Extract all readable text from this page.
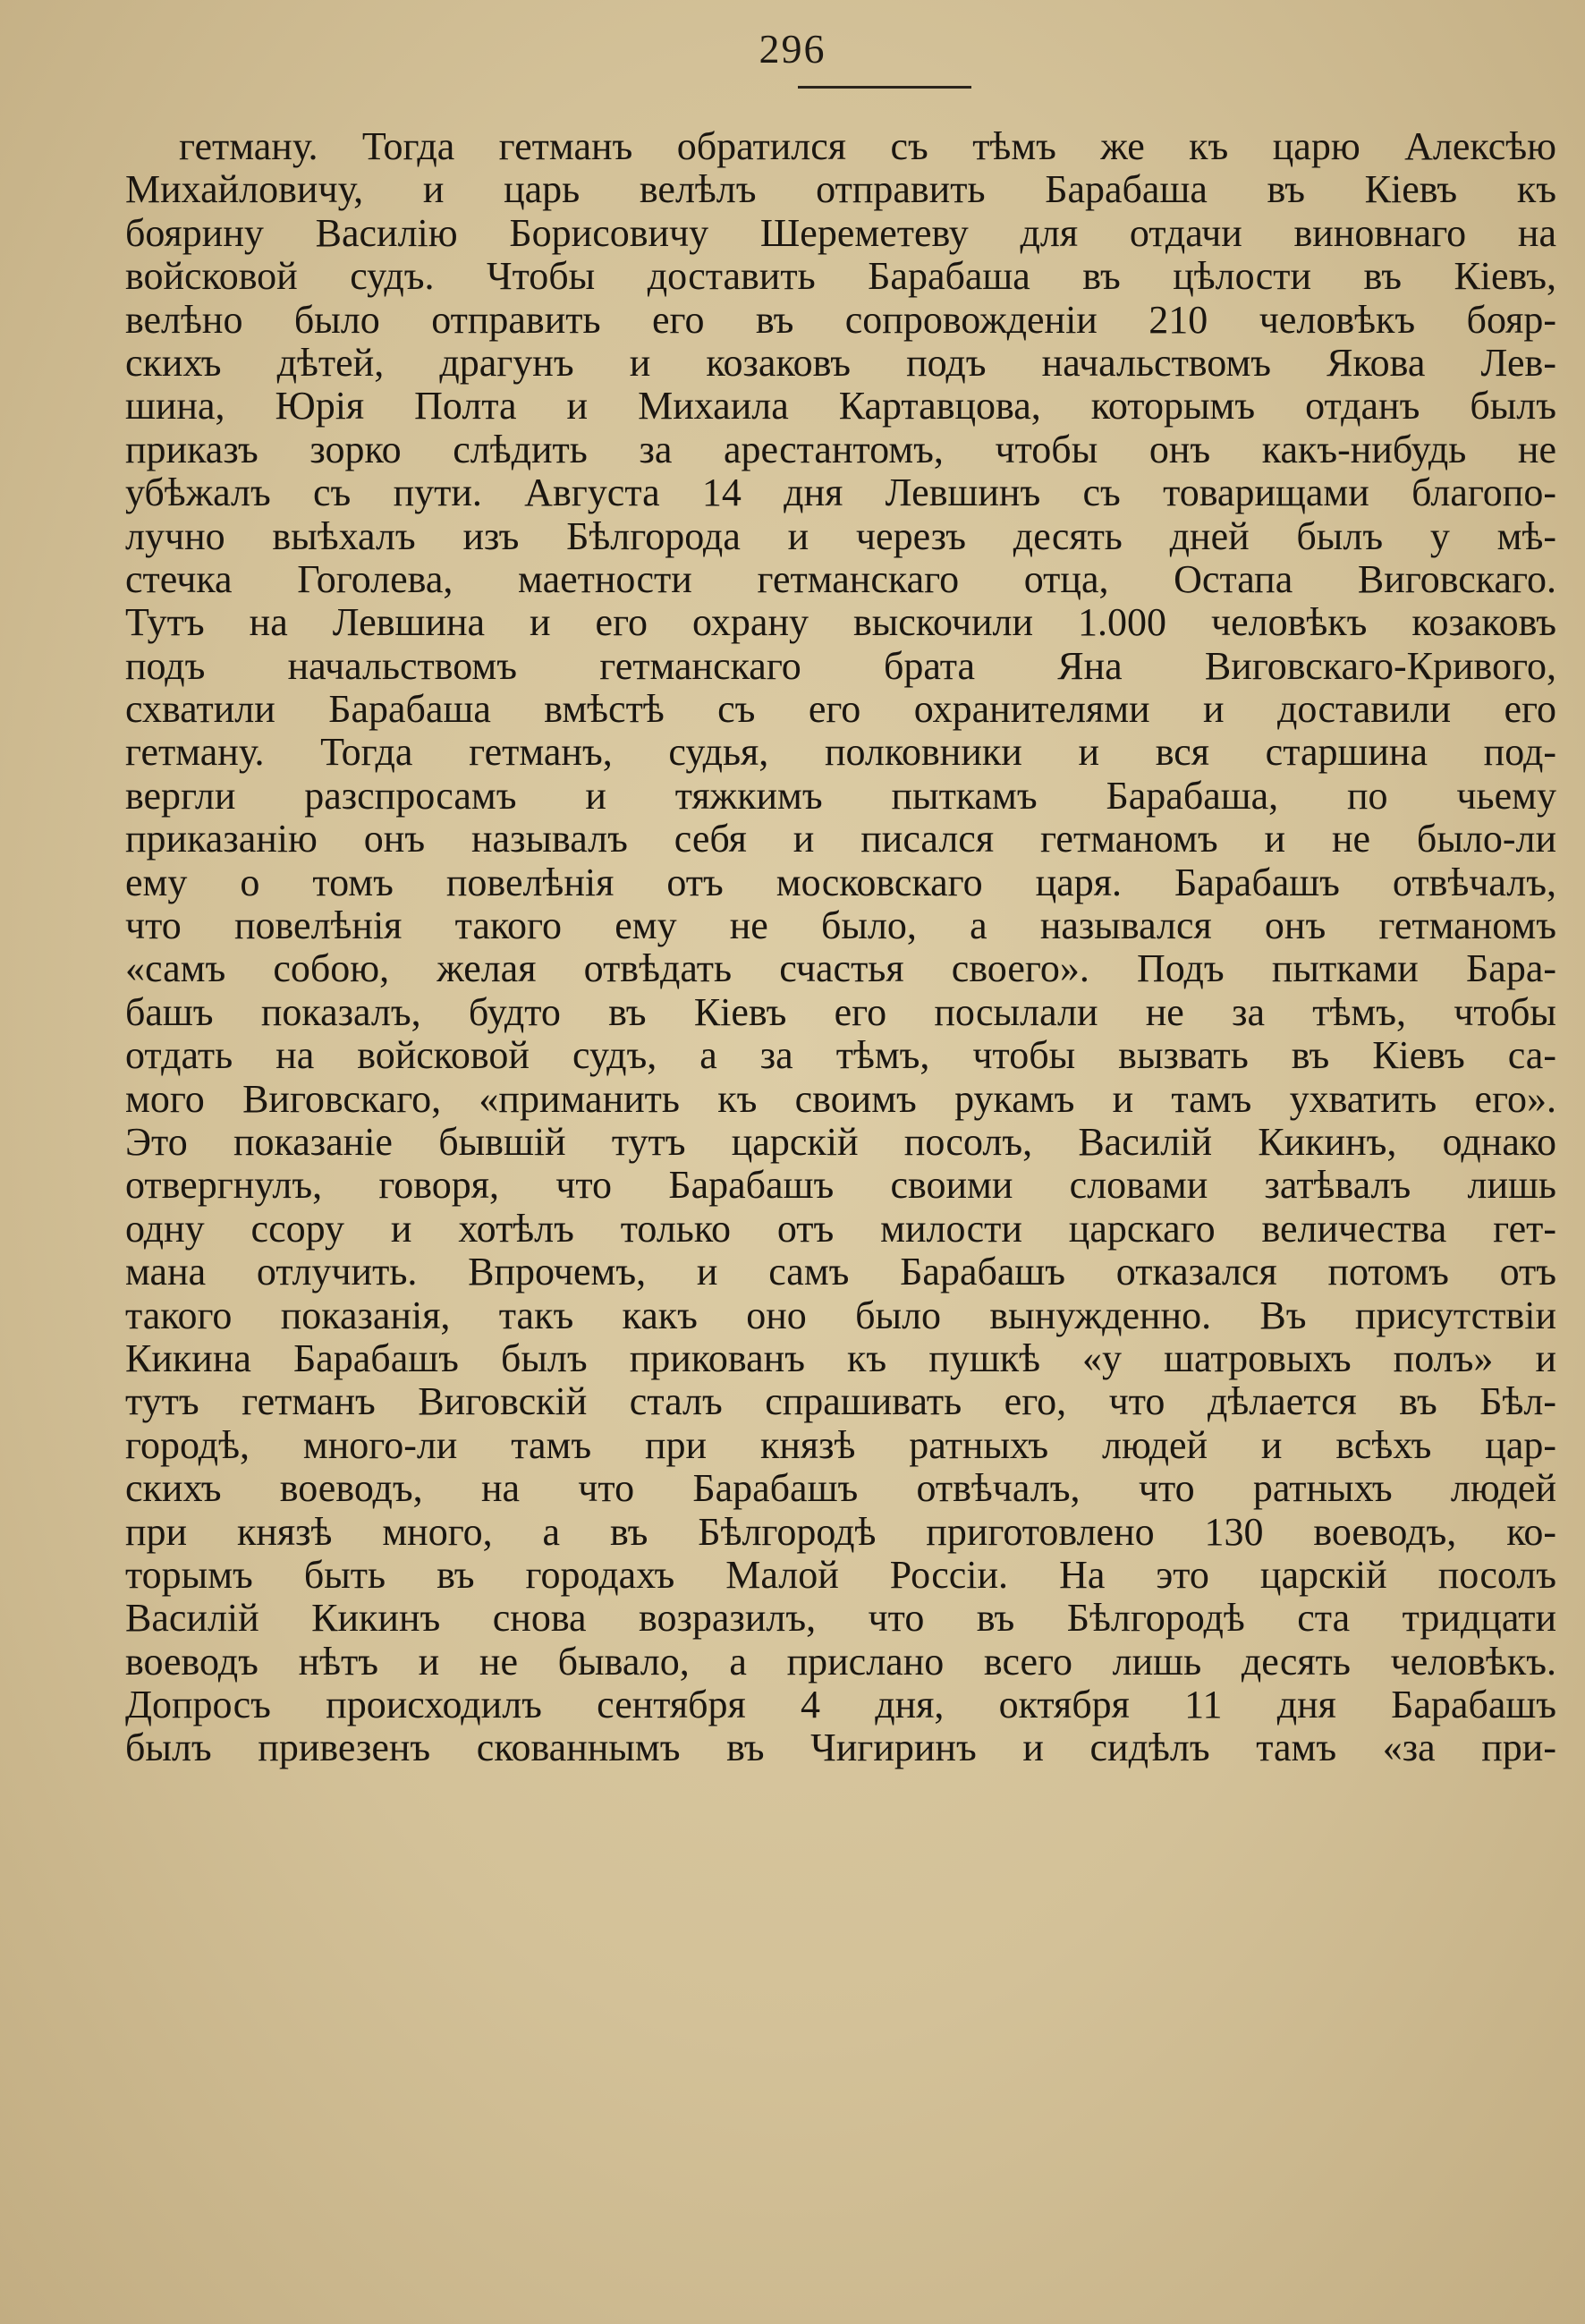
296
гетману. Тогда гетманъ обратился съ тѣмъ же къ царю Алексѣю
Михайловичу, и царь велѣлъ отправить Барабаша въ Кіевъ къ
боярину Василію Борисовичу Шереметеву для отдачи виновнаго на
войсковой судъ. Чтобы доставить Барабаша въ цѣлости въ Кіевъ,
велѣно было отправить его въ сопровожденіи 210 человѣкъ бояр-
скихъ дѣтей, драгунъ и козаковъ подъ начальствомъ Якова Лев-
шина, Юрія Полта и Михаила Картавцова, которымъ отданъ былъ
приказъ зорко слѣдить за арестантомъ, чтобы онъ какъ-нибудь не
убѣжалъ съ пути. Августа 14 дня Левшинъ съ товарищами благопо-
лучно выѣхалъ изъ Бѣлгорода и черезъ десять дней былъ у мѣ-
стечка Гоголева, маетности гетманскаго отца, Остапа Виговскаго.
Тутъ на Левшина и его охрану выскочили 1.000 человѣкъ козаковъ
подъ начальствомъ гетманскаго брата Яна Виговскаго-Кривого,
схватили Барабаша вмѣстѣ съ его охранителями и доставили его
гетману. Тогда гетманъ, судья, полковники и вся старшина под-
вергли разспросамъ и тяжкимъ пыткамъ Барабаша, по чьему
приказанію онъ называлъ себя и писался гетманомъ и не было-ли
ему о томъ повелѣнія отъ московскаго царя. Барабашъ отвѣчалъ,
что повелѣнія такого ему не было, а назывался онъ гетманомъ
«самъ собою, желая отвѣдать счастья своего». Подъ пытками Бара-
башъ показалъ, будто въ Кіевъ его посылали не за тѣмъ, чтобы
отдать на войсковой судъ, а за тѣмъ, чтобы вызвать въ Кіевъ са-
мого Виговскаго, «приманить къ своимъ рукамъ и тамъ ухватить его».
Это показаніе бывшій тутъ царскій посолъ, Василій Кикинъ, однако
отвергнулъ, говоря, что Барабашъ своими словами затѣвалъ лишь
одну ссору и хотѣлъ только отъ милости царскаго величества гет-
мана отлучить. Впрочемъ, и самъ Барабашъ отказался потомъ отъ
такого показанія, такъ какъ оно было вынужденно. Въ присутствіи
Кикина Барабашъ былъ прикованъ къ пушкѣ «у шатровыхъ полъ» и
тутъ гетманъ Виговскій сталъ спрашивать его, что дѣлается въ Бѣл-
городѣ, много-ли тамъ при князѣ ратныхъ людей и всѣхъ цар-
скихъ воеводъ, на что Барабашъ отвѣчалъ, что ратныхъ людей
при князѣ много, а въ Бѣлгородѣ приготовлено 130 воеводъ, ко-
торымъ быть въ городахъ Малой Россіи. На это царскій посолъ
Василій Кикинъ снова возразилъ, что въ Бѣлгородѣ ста тридцати
воеводъ нѣтъ и не бывало, а прислано всего лишь десять человѣкъ.
Допросъ происходилъ сентября 4 дня, октября 11 дня Барабашъ
былъ привезенъ скованнымъ въ Чигиринъ и сидѣлъ тамъ «за при-
